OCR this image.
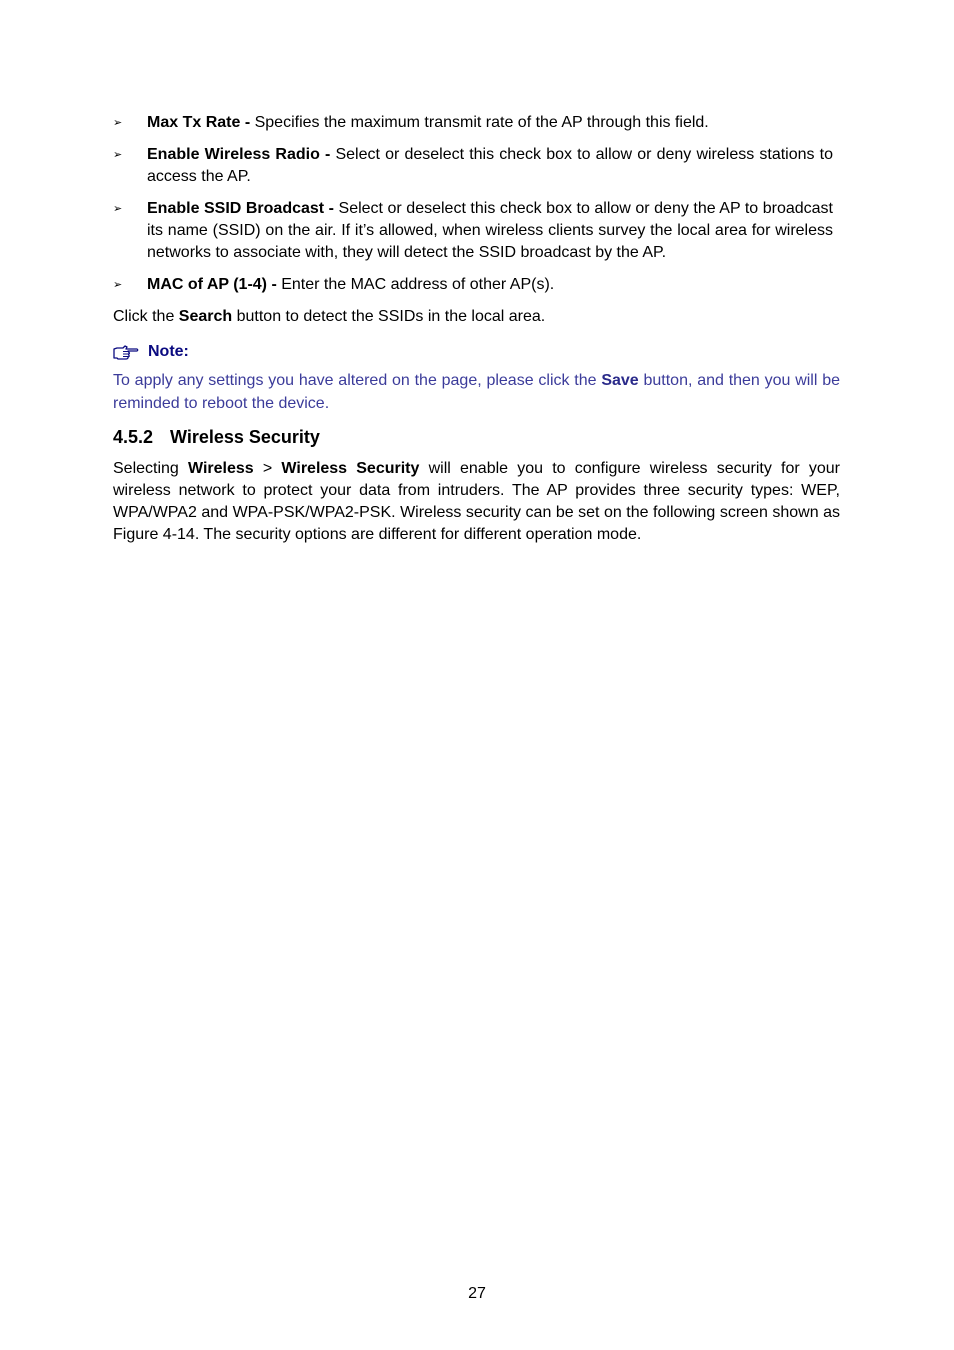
➢ Max Tx Rate - Specifies the maximum transmit rate of the AP through this field.
➢ Enable Wireless Radio - Select or deselect this check box to allow or deny wireless stations to access the AP.
➢ Enable SSID Broadcast - Select or deselect this check box to allow or deny the AP to broadcast its name (SSID) on the air. If it’s allowed, when wireless clients survey the local area for wireless networks to associate with, they will detect the SSID broadcast by the AP.
➢ MAC of AP (1-4) - Enter the MAC address of other AP(s).

Click the Search button to detect the SSIDs in the local area.

Note:

To apply any settings you have altered on the page, please click the Save button, and then you will be reminded to reboot the device.

4.5.2 Wireless Security

Selecting Wireless > Wireless Security will enable you to configure wireless security for your wireless network to protect your data from intruders. The AP provides three security types: WEP, WPA/WPA2 and WPA-PSK/WPA2-PSK. Wireless security can be set on the following screen shown as Figure 4-14. The security options are different for different operation mode.

27
